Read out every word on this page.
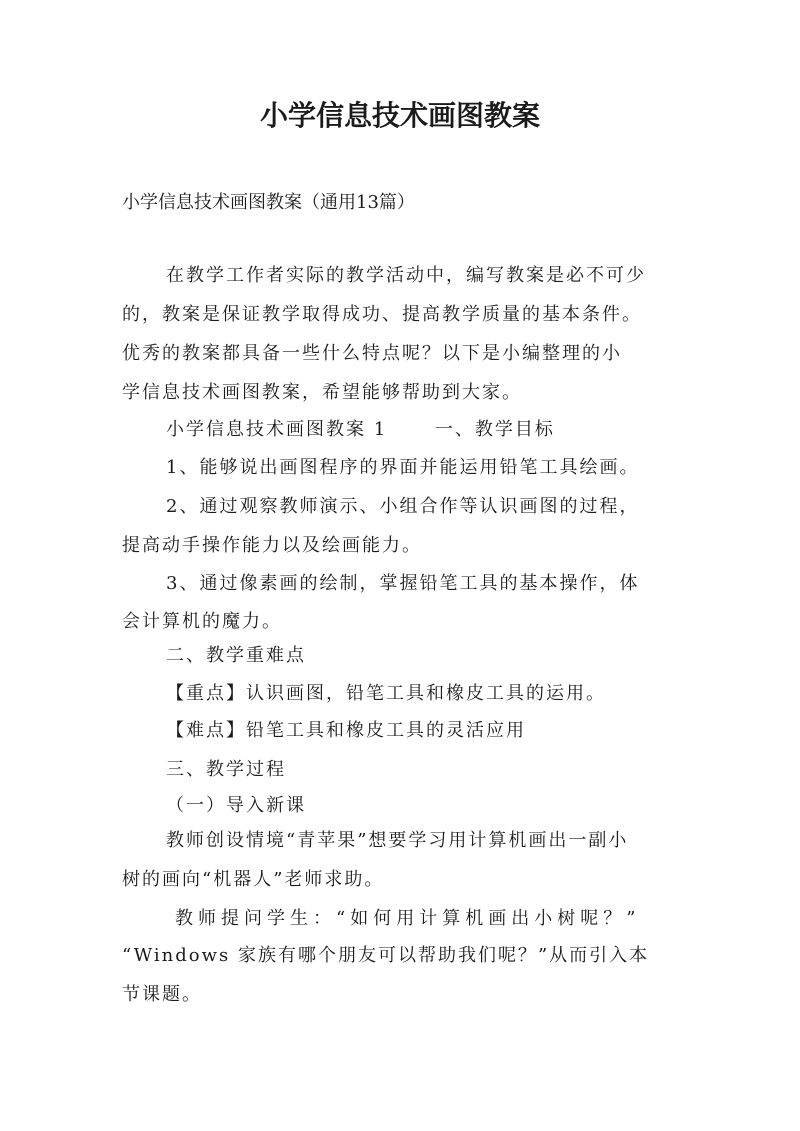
小学信息技术画图教案
小学信息技术画图教案（通用13篇）
在教学工作者实际的教学活动中，编写教案是必不可少
的，教案是保证教学取得成功、提高教学质量的基本条件。
优秀的教案都具备一些什么特点呢？以下是小编整理的小
学信息技术画图教案，希望能够帮助到大家。
小学信息技术画图教案 1　　 一、教学目标
1、能够说出画图程序的界面并能运用铅笔工具绘画。
2、通过观察教师演示、小组合作等认识画图的过程，
提高动手操作能力以及绘画能力。
3、通过像素画的绘制，掌握铅笔工具的基本操作，体
会计算机的魔力。
二、教学重难点
【重点】认识画图，铅笔工具和橡皮工具的运用。
【难点】铅笔工具和橡皮工具的灵活应用
三、教学过程
（一）导入新课
教师创设情境“青苹果”想要学习用计算机画出一副小
树的画向“机器人”老师求助。
教师提问学生：“如何用计算机画出小树呢？”
“Windows 家族有哪个朋友可以帮助我们呢？”从而引入本
节课题。
